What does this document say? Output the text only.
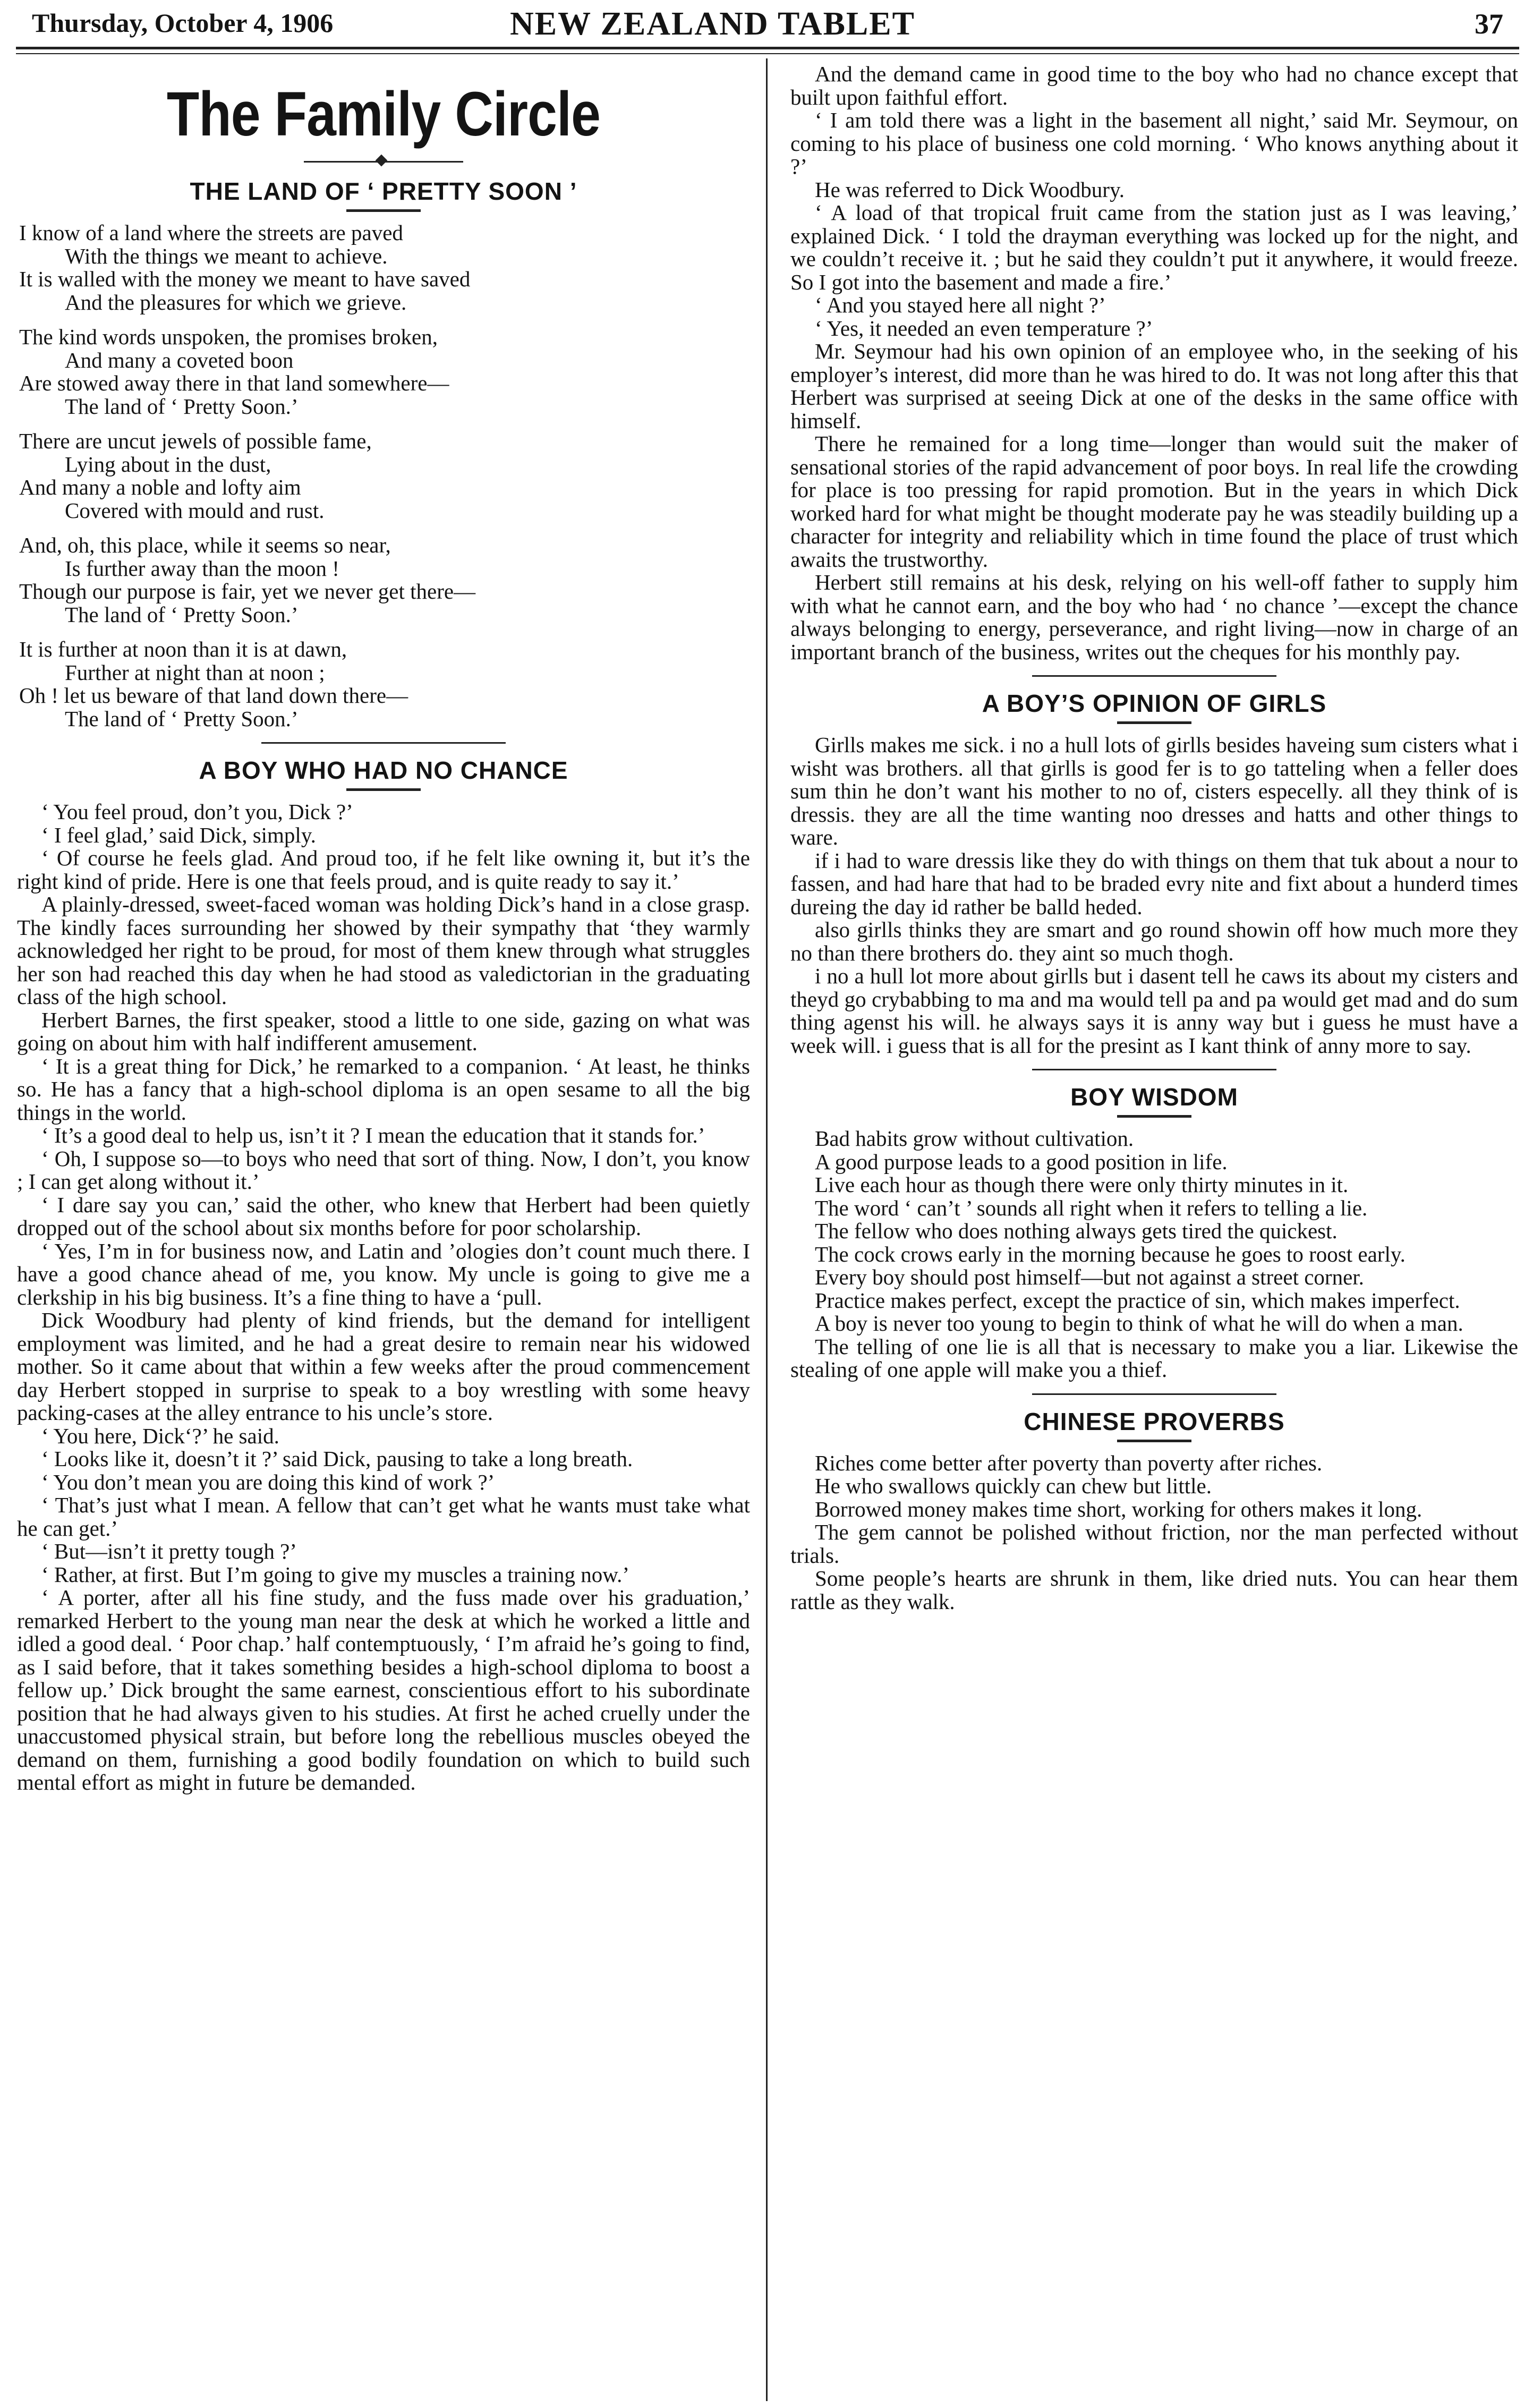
Thursday, October 4, 1906	NEW ZEALAND TABLET	37
The Family Circle
THE LAND OF ‘ PRETTY SOON ’
I know of a land where the streets are paved
With the things we meant to achieve.
It is walled with the money we meant to have saved
And the pleasures for which we grieve.
The kind words unspoken, the promises broken,
And many a coveted boon
Are stowed away there in that land somewhere—
The land of ‘ Pretty Soon.’
There are uncut jewels of possible fame,
Lying about in the dust,
And many a noble and lofty aim
Covered with mould and rust.
And, oh, this place, while it seems so near,
Is further away than the moon !
Though our purpose is fair, yet we never get there—
The land of ‘ Pretty Soon.’
It is further at noon than it is at dawn,
Further at night than at noon ;
Oh ! let us beware of that land down there—
The land of ‘ Pretty Soon.’
A BOY WHO HAD NO CHANCE

‘ You feel proud, don’t you, Dick ?’

‘ I feel glad,’ said Dick, simply.

‘ Of course he feels glad. And proud too, if he felt like owning it, but it’s the right kind of pride. Here is one that feels proud, and is quite ready to say it.’

A plainly-dressed, sweet-faced woman was holding Dick’s hand in a close grasp. The kindly faces surrounding her showed by their sympathy that ‘they warmly acknowledged her right to be proud, for most of them knew through what struggles her son had reached this day when he had stood as valedictorian in the graduating class of the high school.

Herbert Barnes, the first speaker, stood a little to one side, gazing on what was going on about him with half indifferent amusement.

‘ It is a great thing for Dick,’ he remarked to a companion. ‘ At least, he thinks so. He has a fancy that a high-school diploma is an open sesame to all the big things in the world.

‘ It’s a good deal to help us, isn’t it ? I mean the education that it stands for.’

‘ Oh, I suppose so—to boys who need that sort of thing. Now, I don’t, you know ; I can get along without it.’

‘ I dare say you can,’ said the other, who knew that Herbert had been quietly dropped out of the school about six months before for poor scholarship.

‘ Yes, I’m in for business now, and Latin and ’ologies don’t count much there. I have a good chance ahead of me, you know. My uncle is going to give me a clerkship in his big business. It’s a fine thing to have a ‘pull.

Dick Woodbury had plenty of kind friends, but the demand for intelligent employment was limited, and he had a great desire to remain near his widowed mother. So it came about that within a few weeks after the proud commencement day Herbert stopped in surprise to speak to a boy wrestling with some heavy packing-cases at the alley entrance to his uncle’s store.

‘ You here, Dick‘?’ he said.

‘ Looks like it, doesn’t it ?’ said Dick, pausing to take a long breath.

‘ You don’t mean you are doing this kind of work ?’

‘ That’s just what I mean. A fellow that can’t get what he wants must take what he can get.’

‘ But—isn’t it pretty tough ?’

‘ Rather, at first. But I’m going to give my muscles a training now.’

‘ A porter, after all his fine study, and the fuss made over his graduation,’ remarked Herbert to the young man near the desk at which he worked a little and idled a good deal. ‘ Poor chap.’ half contemptuously, ‘ I’m afraid he’s going to find, as I said before, that it takes something besides a high-school diploma to boost a fellow up.’ Dick brought the same earnest, conscientious effort to his subordinate position that he had always given to his studies. At first he ached cruelly under the unaccustomed physical strain, but before long the rebellious muscles obeyed the demand on them, furnishing a good bodily foundation on which to build such mental effort as might in future be demanded.

And the demand came in good time to the boy who had no chance except that built upon faithful effort.

‘ I am told there was a light in the basement all night,’ said Mr. Seymour, on coming to his place of business one cold morning. ‘ Who knows anything about it ?’

He was referred to Dick Woodbury.

‘ A load of that tropical fruit came from the station just as I was leaving,’ explained Dick. ‘ I told the drayman everything was locked up for the night, and we couldn’t receive it. ; but he said they couldn’t put it anywhere, it would freeze. So I got into the basement and made a fire.’

‘ And you stayed here all night ?’

‘ Yes, it needed an even temperature ?’

Mr. Seymour had his own opinion of an employee who, in the seeking of his employer’s interest, did more than he was hired to do. It was not long after this that Herbert was surprised at seeing Dick at one of the desks in the same office with himself.

There he remained for a long time—longer than would suit the maker of sensational stories of the rapid advancement of poor boys. In real life the crowding for place is too pressing for rapid promotion. But in the years in which Dick worked hard for what might be thought moderate pay he was steadily building up a character for integrity and reliability which in time found the place of trust which awaits the trustworthy.

Herbert still remains at his desk, relying on his well-off father to supply him with what he cannot earn, and the boy who had ‘ no chance ’—except the chance always belonging to energy, perseverance, and right living—now in charge of an important branch of the business, writes out the cheques for his monthly pay.

A BOY’S OPINION OF GIRLS

Girlls makes me sick. i no a hull lots of girlls besides haveing sum cisters what i wisht was brothers. all that girlls is good fer is to go tatteling when a feller does sum thin he don’t want his mother to no of, cisters especelly. all they think of is dressis. they are all the time wanting noo dresses and hatts and other things to ware.

if i had to ware dressis like they do with things on them that tuk about a nour to fassen, and had hare that had to be braded evry nite and fixt about a hunderd times dureing the day id rather be balld heded.

also girlls thinks they are smart and go round showin off how much more they no than there brothers do. they aint so much thogh.

i no a hull lot more about girlls but i dasent tell he caws its about my cisters and theyd go crybabbing to ma and ma would tell pa and pa would get mad and do sum thing agenst his will. he always says it is anny way but i guess he must have a week will. i guess that is all for the presint as I kant think of anny more to say.

BOY WISDOM

Bad habits grow without cultivation.

A good purpose leads to a good position in life.

Live each hour as though there were only thirty minutes in it.

The word ‘ can’t ’ sounds all right when it refers to telling a lie.

The fellow who does nothing always gets tired the quickest.

The cock crows early in the morning because he goes to roost early.

Every boy should post himself—but not against a street corner.

Practice makes perfect, except the practice of sin, which makes imperfect.

A boy is never too young to begin to think of what he will do when a man.

The telling of one lie is all that is necessary to make you a liar. Likewise the stealing of one apple will make you a thief.

CHINESE PROVERBS

Riches come better after poverty than poverty after riches.

He who swallows quickly can chew but little.

Borrowed money makes time short, working for others makes it long.

The gem cannot be polished without friction, nor the man perfected without trials.

Some people’s hearts are shrunk in them, like dried nuts. You can hear them rattle as they walk.
